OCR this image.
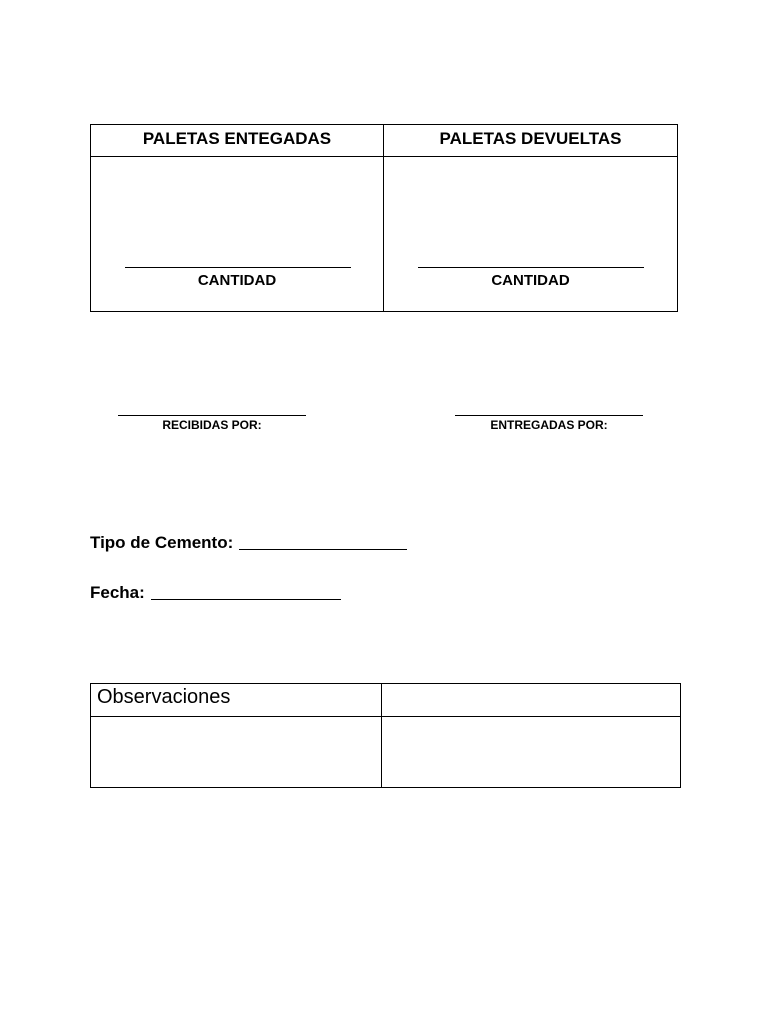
PALETAS ENTEGADAS
CANTIDAD
PALETAS DEVUELTAS
CANTIDAD
RECIBIDAS POR:	ENTREGADAS POR:
Tipo de Cemento:
Fecha:
Observaciones
